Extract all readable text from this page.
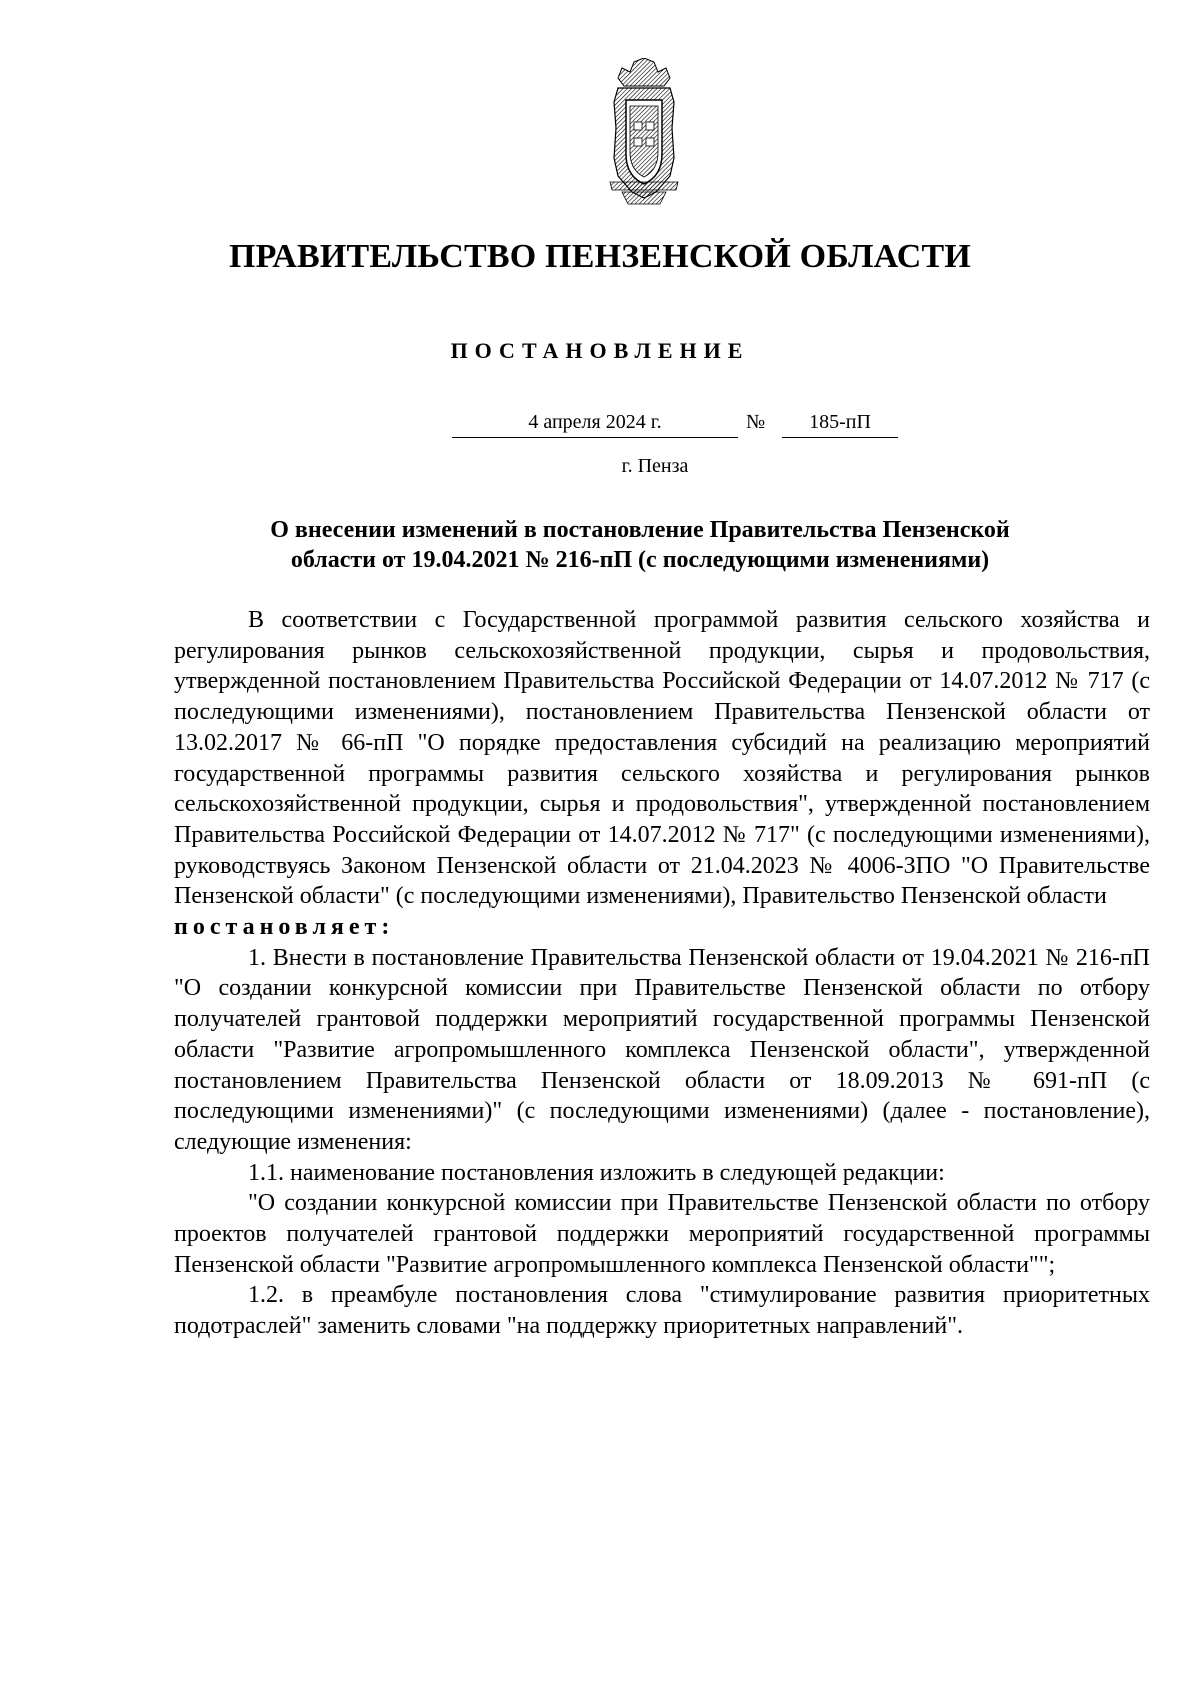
ПРАВИТЕЛЬСТВО ПЕНЗЕНСКОЙ ОБЛАСТИ
ПОСТАНОВЛЕНИЕ
4 апреля 2024 г.	№	185-пП
г. Пенза
О внесении изменений в постановление Правительства Пензенской
области от 19.04.2021 № 216-пП (с последующими изменениями)

В соответствии с Государственной программой развития сельского хозяйства и регулирования рынков сельскохозяйственной продукции, сырья и продовольствия, утвержденной постановлением Правительства Российской Федерации от 14.07.2012 № 717 (с последующими изменениями), постановлением Правительства Пензенской области от 13.02.2017 № 66-пП "О порядке предоставления субсидий на реализацию мероприятий государственной программы развития сельского хозяйства и регулирования рынков сельскохозяйственной продукции, сырья и продовольствия", утвержденной постановлением Правительства Российской Федерации от 14.07.2012 № 717" (с последующими изменениями), руководствуясь Законом Пензенской области от 21.04.2023 № 4006-ЗПО "О Правительстве Пензенской области" (с последующими изменениями), Правительство Пензенской области

постановляет:

1. Внести в постановление Правительства Пензенской области от 19.04.2021 № 216-пП "О создании конкурсной комиссии при Правительстве Пензенской области по отбору получателей грантовой поддержки мероприятий государственной программы Пензенской области "Развитие агропромышленного комплекса Пензенской области", утвержденной постановлением Правительства Пензенской области от 18.09.2013 № 691-пП (с последующими изменениями)" (с последующими изменениями) (далее - постановление), следующие изменения:

1.1. наименование постановления изложить в следующей редакции:

"О создании конкурсной комиссии при Правительстве Пензенской области по отбору проектов получателей грантовой поддержки мероприятий государственной программы Пензенской области "Развитие агропромышленного комплекса Пензенской области"";

1.2. в преамбуле постановления слова "стимулирование развития приоритетных подотраслей" заменить словами "на поддержку приоритетных направлений".
